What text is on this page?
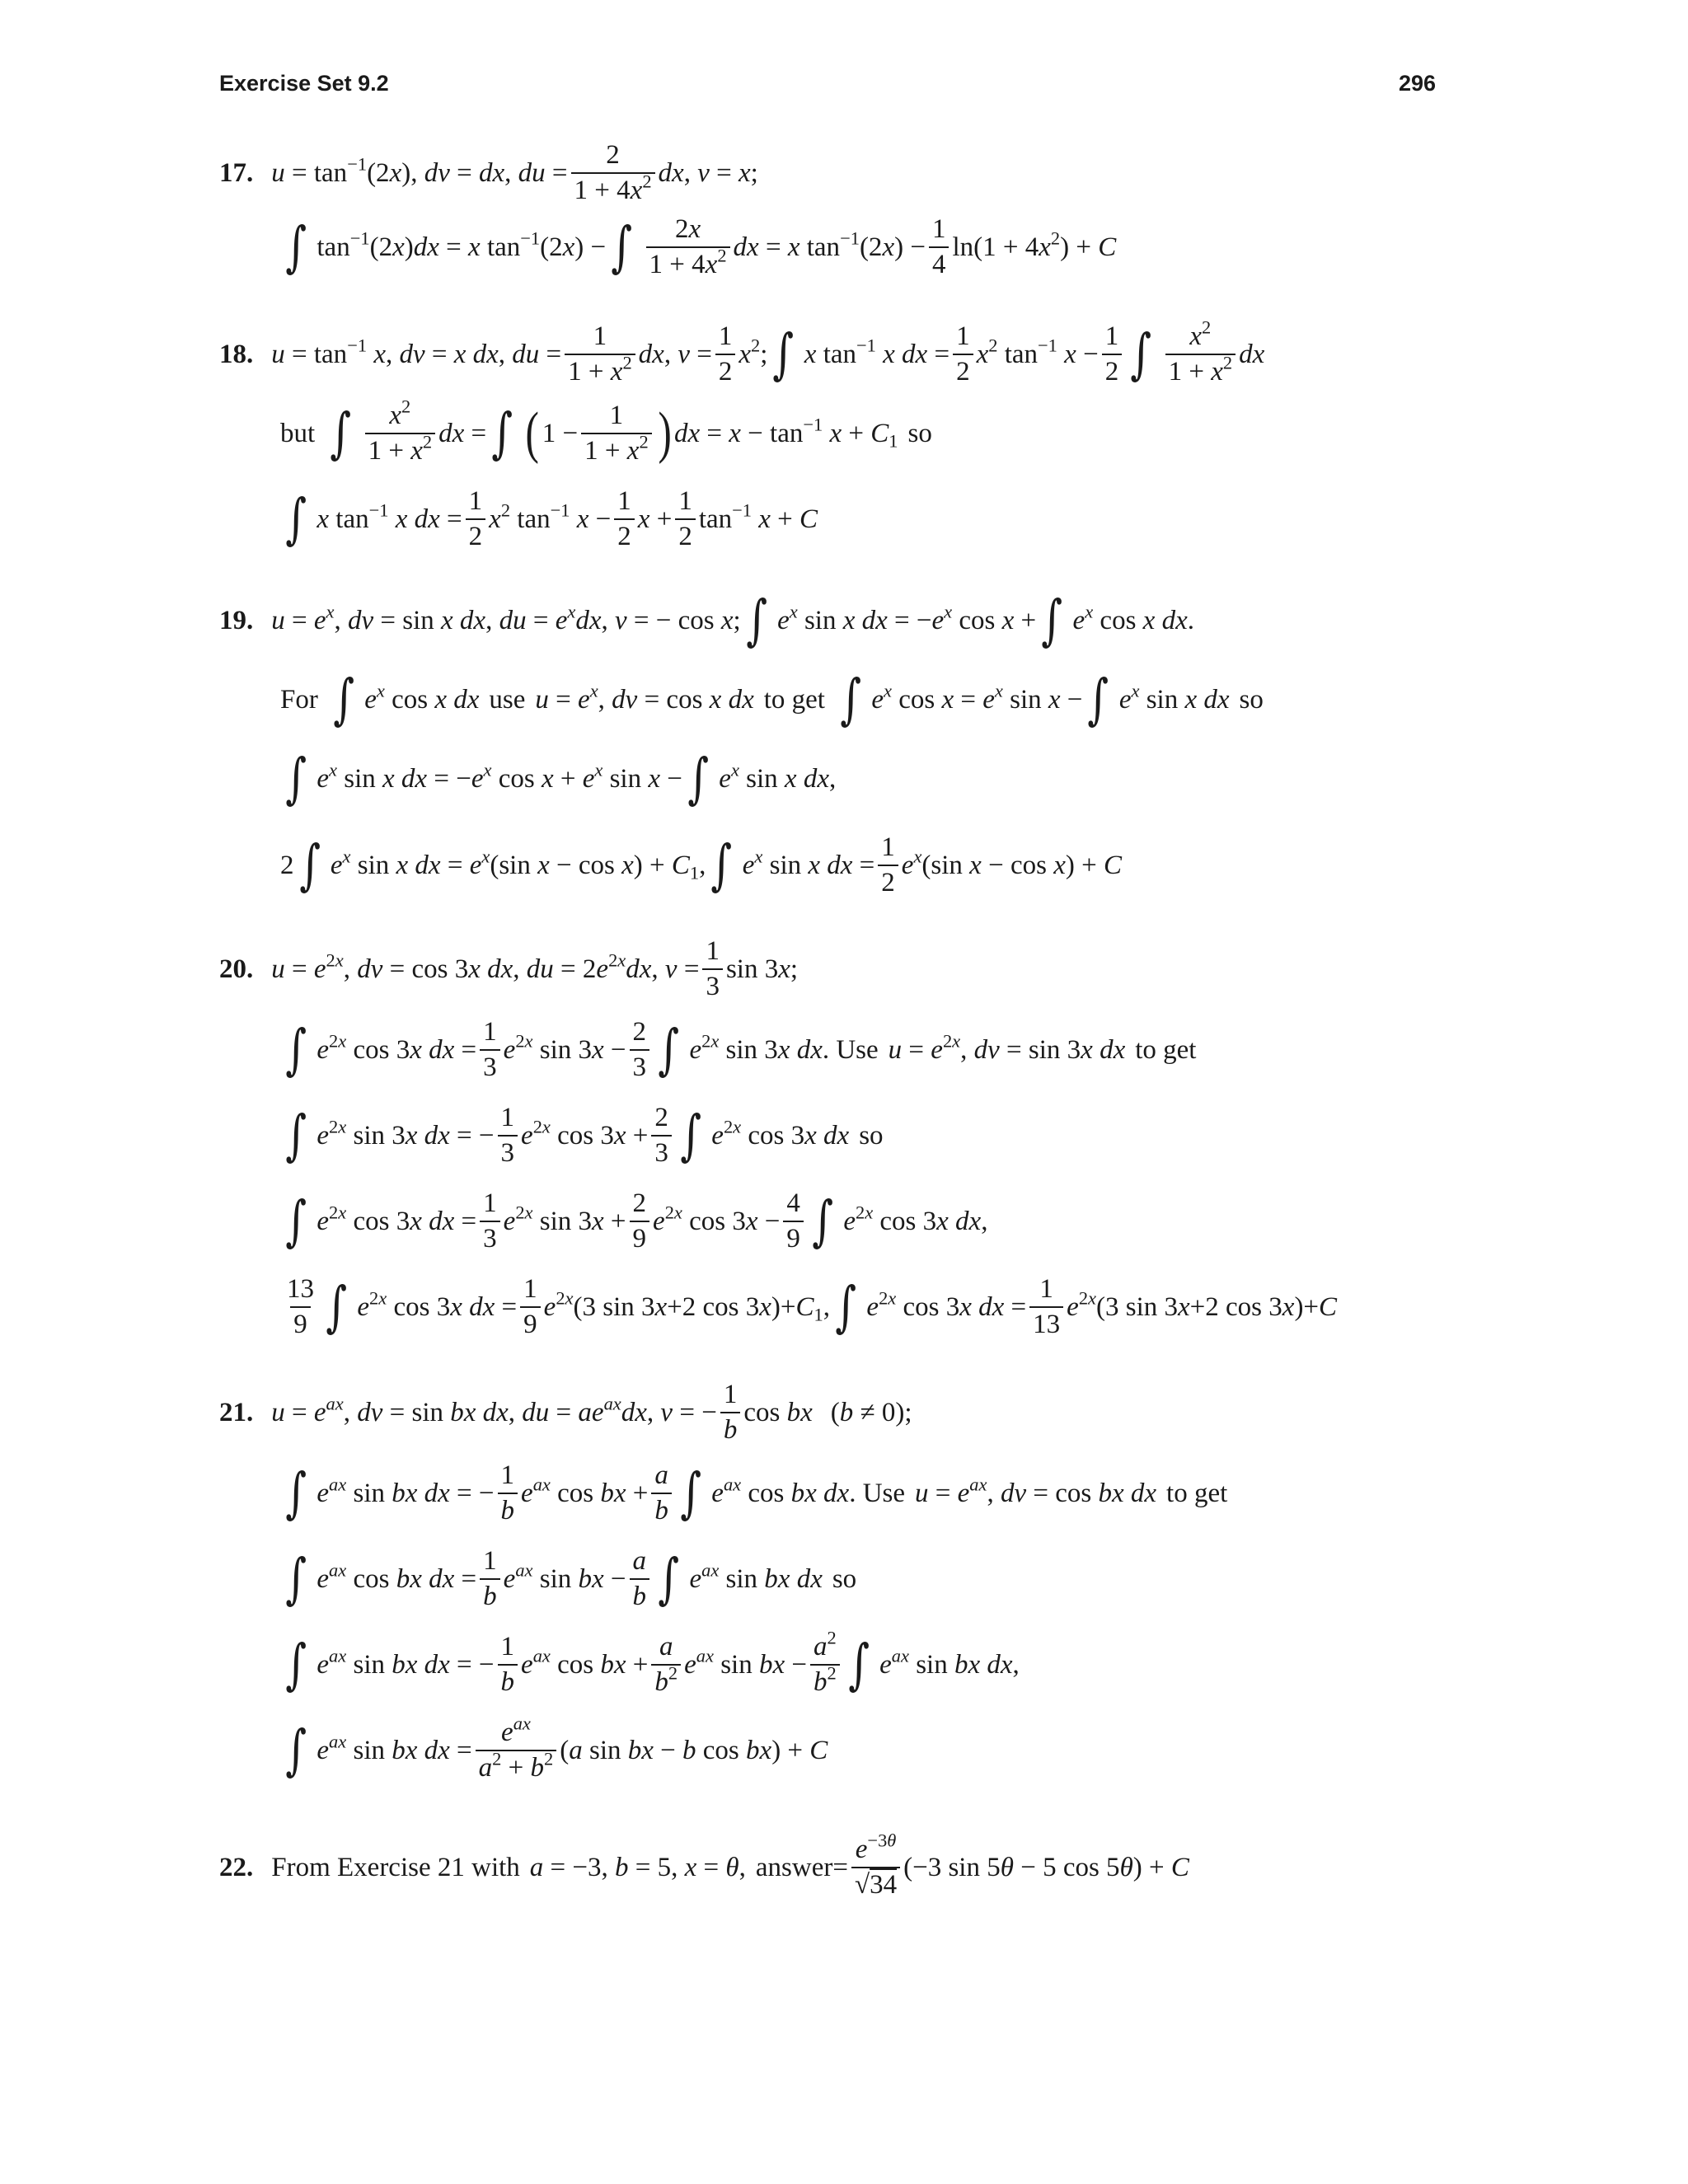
Exercise Set 9.2	296
17. $u = \tan^{-1}(2x)$, dv = dx, du = $\frac{2}{1 + 4x^2}$ dx, v = x;
∫ $\tan^{-1}(2x)dx = x$ $\tan^{-1}(2x)$ − ∫ 2x
$1 + 4x^2$ dx = x $\tan^{-1}(2x) - \frac{1}{4} \ln(1 + 4x^2) + C$
18. $u = \tan^{-1} x$, dv = x dx, du = $\frac{1}{1 + x^2}$ dx, $v = \frac{1}{2} x^2$; ∫ x $\tan^{-1} x$ dx = $\frac{1}{2} x^2$ $\tan^{-1} x - \frac{1}{2}$ ∫ $x^2$
$1 + x^2$ dx
but ∫ $x^2$
$1 + x^2$ dx = ∫ ( $1 - \frac{1}{1 + x^2}$ ) dx = $x - \tan^{-1} x + C_1$ so
∫ x $\tan^{-1} x$ dx = $\frac{1}{2} x^2$ $\tan^{-1} x - \frac{1}{2}$ $x + \frac{1}{2} \tan^{-1} x + C$
19. $u = e^x$, dv = sin x dx, du = $e^xdx$, v = − cos x; ∫ $e^x$ sin x dx = $-e^x$ cos x + ∫ $e^x$ cos x dx.
For ∫ $e^x$ cos x dx use $u = e^x$, dv = cos x dx to get ∫ $e^x$ $\cos x = e^x$ sin x − ∫ $e^x$ sin x dx so
∫ $e^x$ sin x dx = $-e^x$ $\cos x + e^x$ sin x − ∫ $e^x$ sin x dx,
2 ∫ $e^x$ sin x dx = $e^x(\sin$ $x - \cos x) + C_1$, ∫ $e^x$ sin x dx = $\frac{1}{2} e^x(\sin$ x − cos x) + C
20. $u = e^{2x}$, dv = cos 3x dx, du = $2e^{2x}dx$, $v = \frac{1}{3}$ sin 3x;
∫ $e^{2x}$ cos 3x dx = $\frac{1}{3} e^{2x}$ $\sin 3x - \frac{2}{3}$ ∫ $e^{2x}$ sin 3x dx . Use $u = e^{2x}$, dv = sin 3x dx to get
∫ $e^{2x}$ sin 3x dx = − $\frac{1}{3} e^{2x}$ $\cos 3x + \frac{2}{3}$ ∫ $e^{2x}$ cos 3x dx so
∫ $e^{2x}$ cos 3x dx = $\frac{1}{3} e^{2x}$ $\sin 3x + \frac{2}{9} e^{2x}$ $\cos 3x - \frac{4}{9}$ ∫ $e^{2x}$ cos 3x dx,
13
9 ∫ $e^{2x}$ cos 3x dx = $\frac{1}{9} e^{2x}(3$ sin 3x+2 $\cos 3x)+C_1$, ∫ $e^{2x}$ cos 3x dx = $\frac{1}{13} e^{2x}(3$ sin 3x+2 cos 3x)+C
21. $u = e^{ax}$, dv = sin bx dx, du = $ae^{ax}dx$, v = − $\frac{1}{b}$ cos bx (b ≠ 0);
∫ $e^{ax}$ sin bx dx = − $\frac{1}{b} e^{ax}$ cos bx + $\frac{a}{b}$ ∫ $e^{ax}$ cos bx dx . Use $u = e^{ax}$, dv = cos bx dx to get
∫ $e^{ax}$ cos bx dx = $\frac{1}{b} e^{ax}$ sin bx − $\frac{a}{b}$ ∫ $e^{ax}$ sin bx dx so
∫ $e^{ax}$ sin bx dx = − $\frac{1}{b} e^{ax}$ cos bx + $\frac{a}{b^2} e^{ax}$ sin bx − $\frac{a^2}{b^2}$ ∫ $e^{ax}$ sin bx dx,
∫ $e^{ax}$ sin bx dx =
$e^{ax}$
$a^2 + b^2$ (a sin bx − b cos bx) + C
22. From Exercise 21 with a = −3, b = 5, x = θ, answer = $\frac{e^{-3\theta}}{√34} (-3$ sin 5θ − 5 cos 5θ) + C
